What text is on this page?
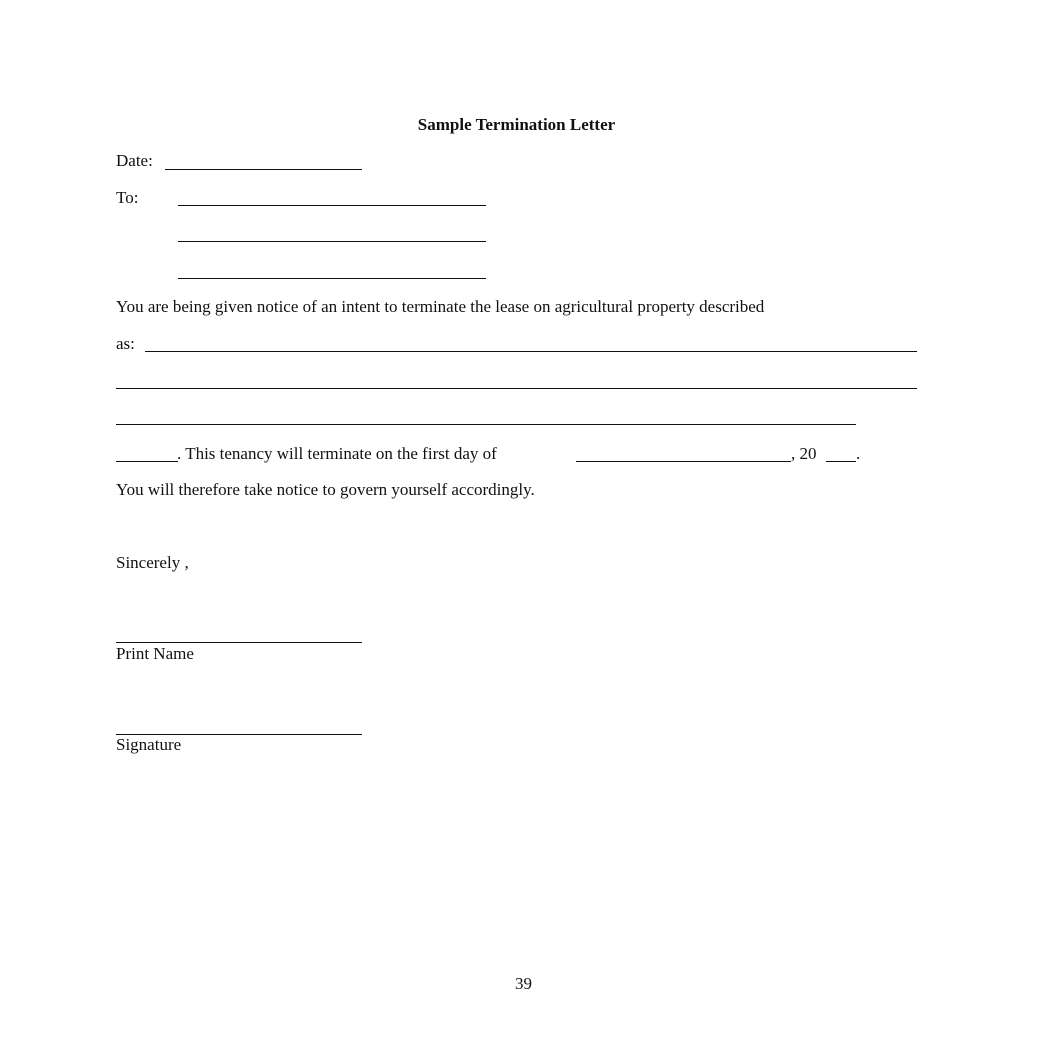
Sample Termination Letter
Date:
To:
You are being given notice of an intent to terminate the lease on agricultural property described
as:
. This tenancy will terminate on the first day of	, 20 .
You will therefore take notice to govern yourself accordingly.
Sincerely ,
Print Name
Signature
39
